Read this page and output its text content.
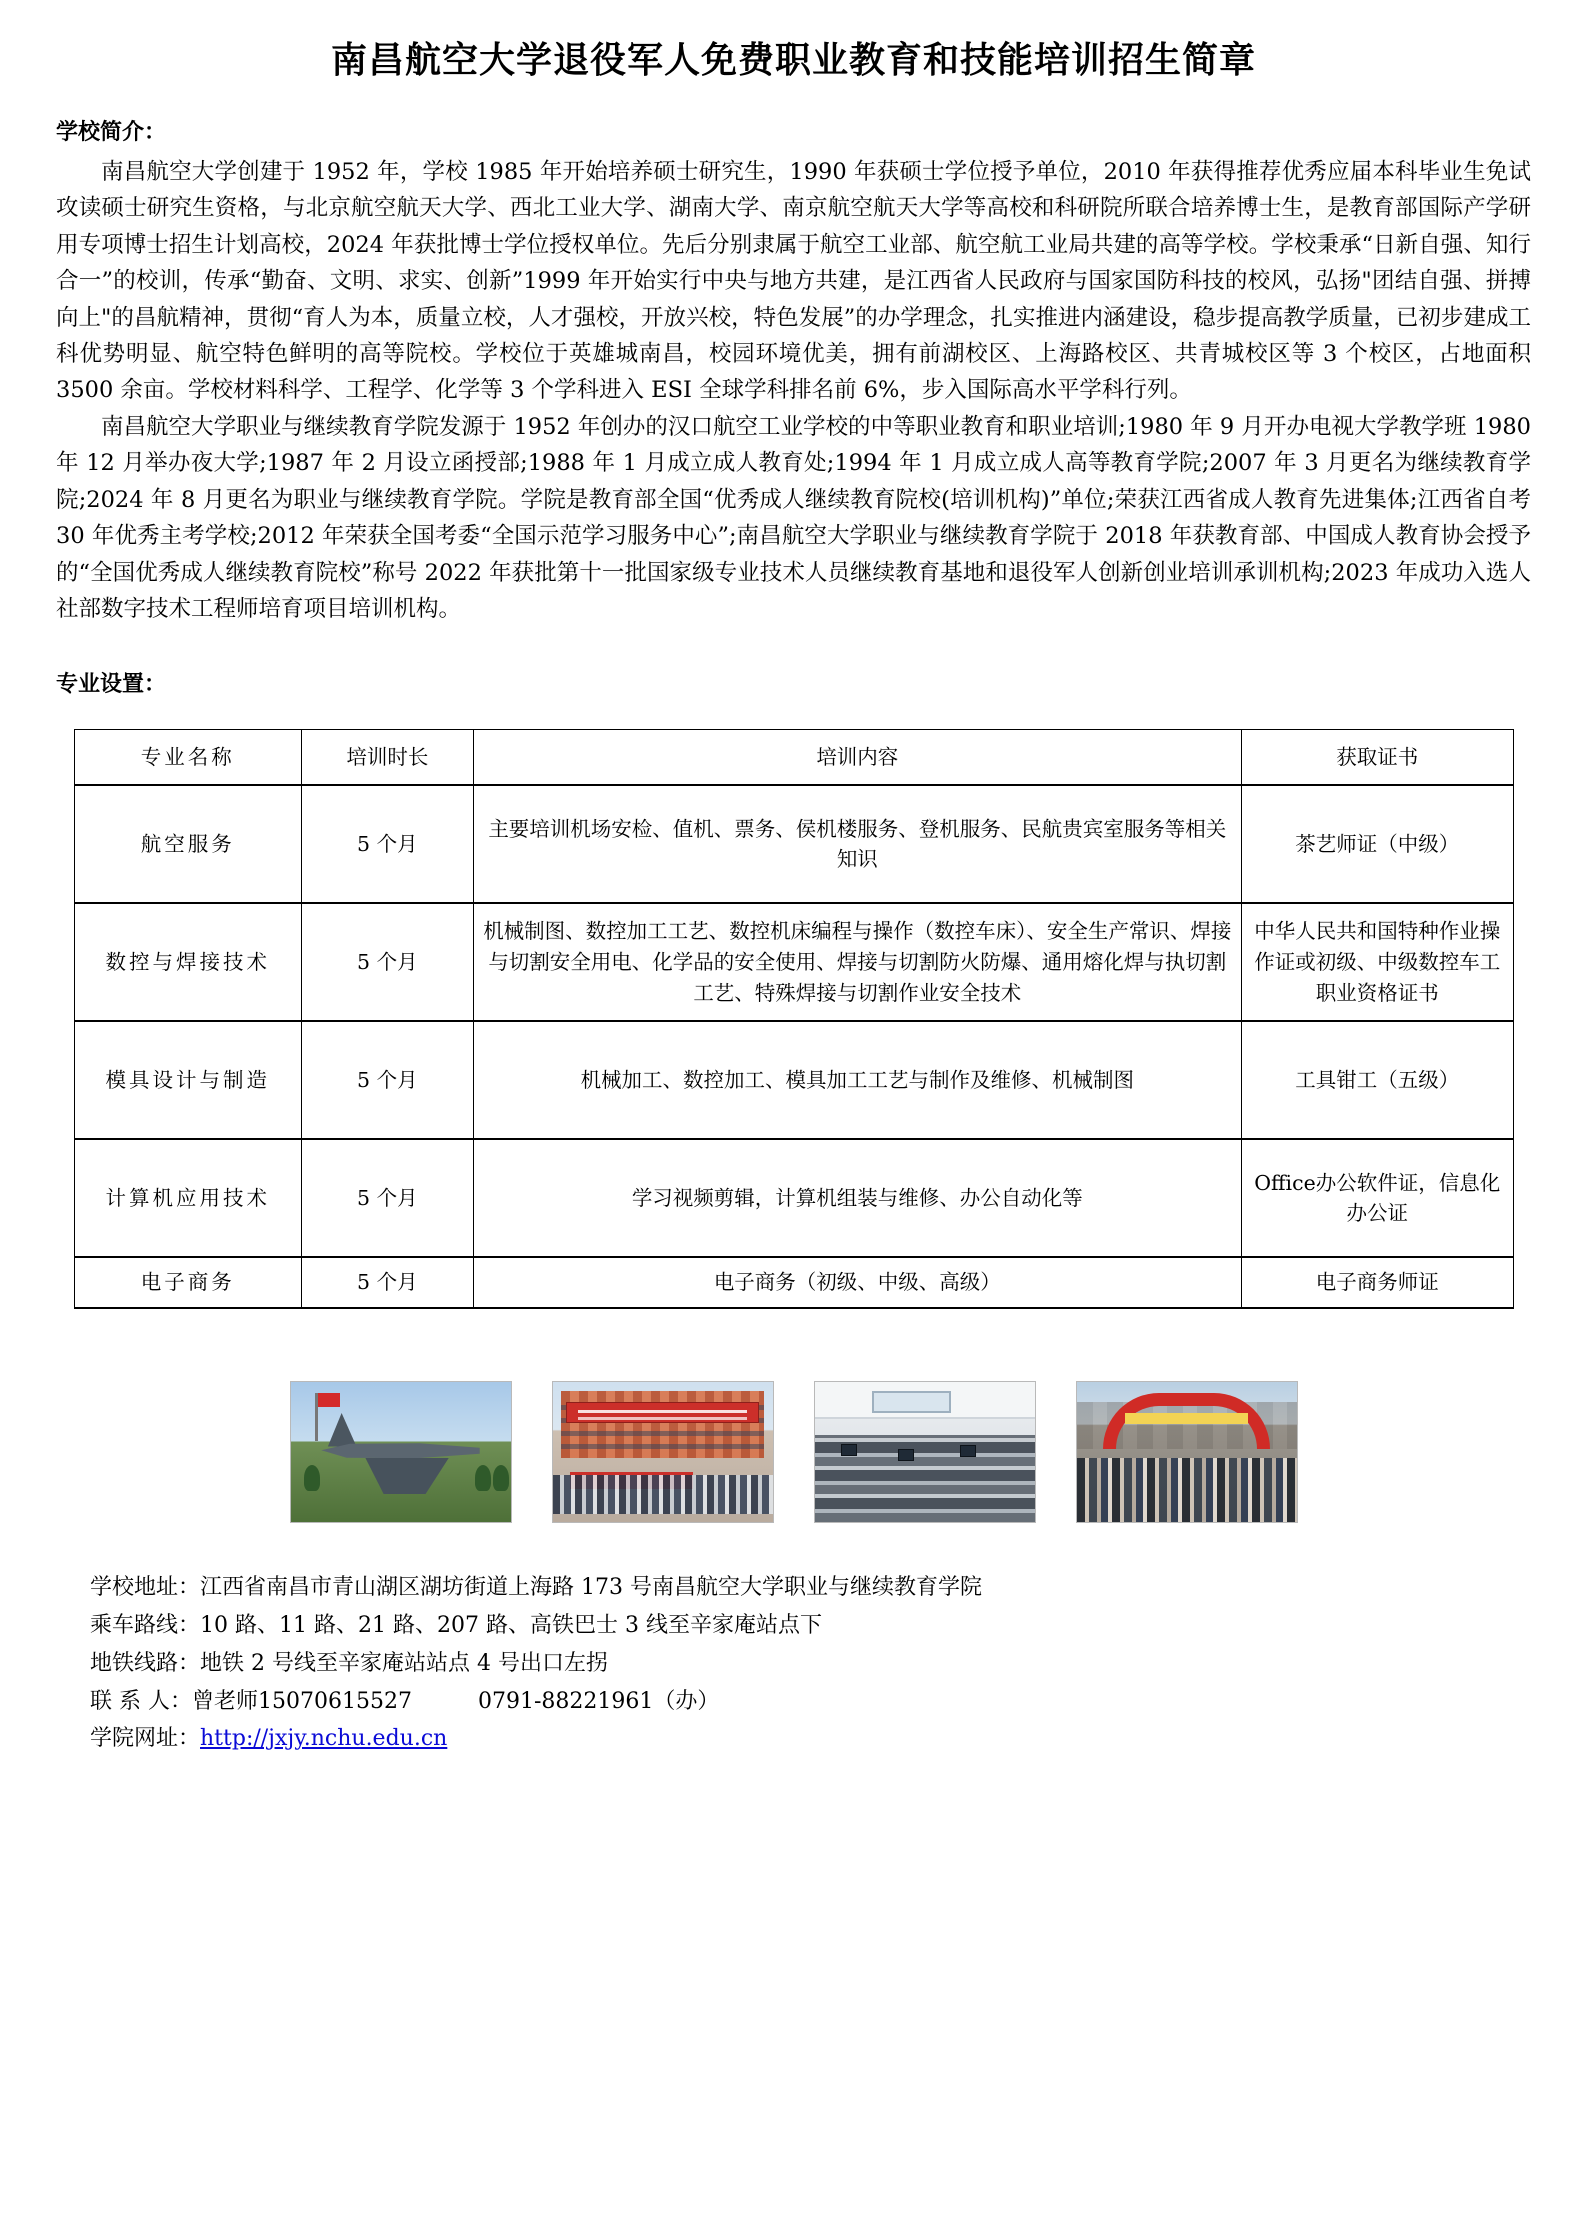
南昌航空大学退役军人免费职业教育和技能培训招生简章
学校简介：

南昌航空大学创建于 1952 年，学校 1985 年开始培养硕士研究生，1990 年获硕士学位授予单位，2010 年获得推荐优秀应届本科毕业生免试攻读硕士研究生资格，与北京航空航天大学、西北工业大学、湖南大学、南京航空航天大学等高校和科研院所联合培养博士生，是教育部国际产学研用专项博士招生计划高校，2024 年获批博士学位授权单位。先后分别隶属于航空工业部、航空航工业局共建的高等学校。学校秉承“日新自强、知行合一”的校训，传承“勤奋、文明、求实、创新”1999 年开始实行中央与地方共建，是江西省人民政府与国家国防科技的校风，弘扬"团结自强、拼搏向上"的昌航精神，贯彻“育人为本，质量立校，人才强校，开放兴校，特色发展”的办学理念，扎实推进内涵建设，稳步提高教学质量，已初步建成工科优势明显、航空特色鲜明的高等院校。学校位于英雄城南昌，校园环境优美，拥有前湖校区、上海路校区、共青城校区等 3 个校区，占地面积 3500 余亩。学校材料科学、工程学、化学等 3 个学科进入 ESI 全球学科排名前 6%，步入国际高水平学科行列。

南昌航空大学职业与继续教育学院发源于 1952 年创办的汉口航空工业学校的中等职业教育和职业培训;1980 年 9 月开办电视大学教学班 1980 年 12 月举办夜大学;1987 年 2 月设立函授部;1988 年 1 月成立成人教育处;1994 年 1 月成立成人高等教育学院;2007 年 3 月更名为继续教育学院;2024 年 8 月更名为职业与继续教育学院。学院是教育部全国“优秀成人继续教育院校(培训机构)”单位;荣获江西省成人教育先进集体;江西省自考 30 年优秀主考学校;2012 年荣获全国考委“全国示范学习服务中心”;南昌航空大学职业与继续教育学院于 2018 年获教育部、中国成人教育协会授予的“全国优秀成人继续教育院校”称号 2022 年获批第十一批国家级专业技术人员继续教育基地和退役军人创新创业培训承训机构;2023 年成功入选人社部数字技术工程师培育项目培训机构。

专业设置：
专业名称	培训时长	培训内容	获取证书
航空服务	5 个月	主要培训机场安检、值机、票务、侯机楼服务、登机服务、民航贵宾室服务等相关知识	茶艺师证（中级）
数控与焊接技术	5 个月	机械制图、数控加工工艺、数控机床编程与操作（数控车床）、安全生产常识、焊接与切割安全用电、化学品的安全使用、焊接与切割防火防爆、通用熔化焊与执切割工艺、特殊焊接与切割作业安全技术	中华人民共和国特种作业操作证或初级、中级数控车工职业资格证书
模具设计与制造	5 个月	机械加工、数控加工、模具加工工艺与制作及维修、机械制图	工具钳工（五级）
计算机应用技术	5 个月	学习视频剪辑，计算机组装与维修、办公自动化等	Office办公软件证，信息化办公证
电子商务	5 个月	电子商务（初级、中级、高级）	电子商务师证
学校地址： 江西省南昌市青山湖区湖坊街道上海路 173 号南昌航空大学职业与继续教育学院
乘车路线： 10 路、11 路、21 路、207 路、高铁巴士 3 线至辛家庵站点下
地铁线路： 地铁 2 号线至辛家庵站站点 4 号出口左拐
联 系 人： 曾老师15070615527	0791-88221961（办）
学院网址： http://jxjy.nchu.edu.cn
